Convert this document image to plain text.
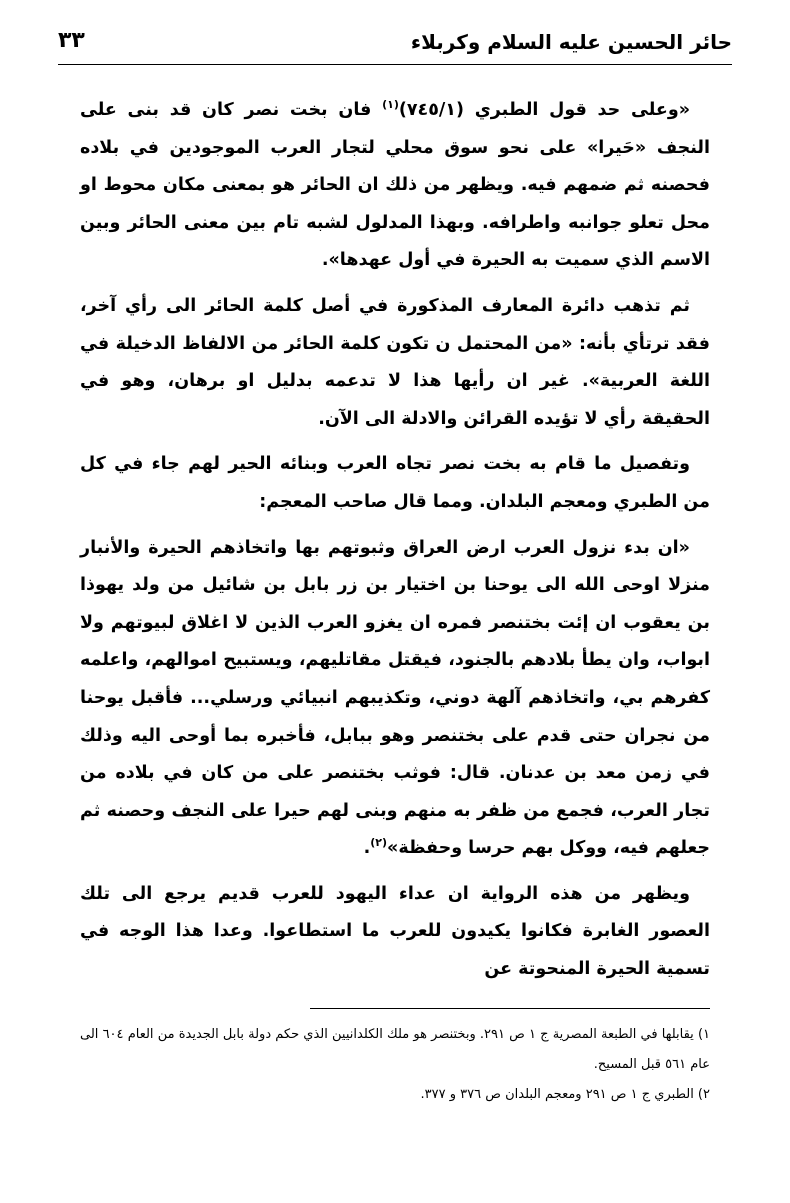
حائر الحسين عليه السلام وكربلاء
٣٣

«وعلى حد قول الطبري (٧٤٥/١)$^{(١)}$ فان بخت نصر كان قد بنى على النجف «حَيرا» على نحو سوق محلي لتجار العرب الموجودين في بلاده فحصنه ثم ضمهم فيه. ويظهر من ذلك ان الحائر هو بمعنى مكان محوط او محل تعلو جوانبه واطرافه. وبهذا المدلول لشبه تام بين معنى الحائر وبين الاسم الذي سميت به الحيرة في أول عهدها».

ثم تذهب دائرة المعارف المذكورة في أصل كلمة الحائر الى رأي آخر، فقد ترتأي بأنه: «من المحتمل ن تكون كلمة الحائر من الالفاظ الدخيلة في اللغة العربية». غير ان رأيها هذا لا تدعمه بدليل او برهان، وهو في الحقيقة رأي لا تؤيده القرائن والادلة الى الآن.

وتفصيل ما قام به بخت نصر تجاه العرب وبنائه الحير لهم جاء في كل من الطبري ومعجم البلدان. ومما قال صاحب المعجم:

«ان بدء نزول العرب ارض العراق وثبوتهم بها واتخاذهم الحيرة والأنبار منزلا اوحى الله الى يوحنا بن اختيار بن زر بابل بن شائيل من ولد يهوذا بن يعقوب ان إئت بختنصر فمره ان يغزو العرب الذين لا اغلاق لبيوتهم ولا ابواب، وان يطأ بلادهم بالجنود، فيقتل مقاتليهم، ويستبيح اموالهم، واعلمه كفرهم بي، واتخاذهم آلهة دوني، وتكذيبهم انبيائي ورسلي... فأقبل يوحنا من نجران حتى قدم على بختنصر وهو ببابل، فأخبره بما أوحى اليه وذلك في زمن معد بن عدنان. قال: فوثب بختنصر على من كان في بلاده من تجار العرب، فجمع من ظفر به منهم وبنى لهم حيرا على النجف وحصنه ثم جعلهم فيه، ووكل بهم حرسا وحفظة»$^{(٢)}$.

ويظهر من هذه الرواية ان عداء اليهود للعرب قديم يرجع الى تلك العصور الغابرة فكانوا يكيدون للعرب ما استطاعوا. وعدا هذا الوجه في تسمية الحيرة المنحوتة عن

١) يقابلها في الطبعة المصرية ج ١ ص ٢٩١. وبختنصر هو ملك الكلدانيين الذي حكم دولة بابل الجديدة من العام ٦٠٤ الى عام ٥٦١ قبل المسيح.

٢) الطبري ج ١ ص ٢٩١ ومعجم البلدان ص ٣٧٦ و ٣٧٧.
